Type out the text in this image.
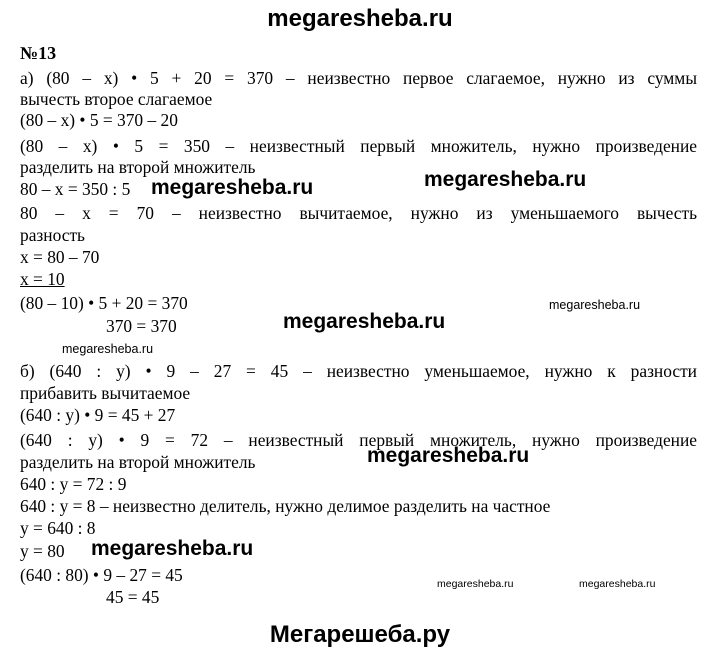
megaresheba.ru
№13
а) (80 – x) • 5 + 20 = 370 – неизвестно первое слагаемое, нужно из суммы
вычесть второе слагаемое
(80 – x) • 5 = 370 – 20
(80 – x) • 5 = 350 – неизвестный первый множитель, нужно произведение
разделить на второй множитель
80 – x = 350 : 5
80 – x = 70 – неизвестно вычитаемое, нужно из уменьшаемого вычесть
разность
x = 80 – 70
x = 10
(80 – 10) • 5 + 20 = 370
370 = 370
б) (640 : y) • 9 – 27 = 45 – неизвестно уменьшаемое, нужно к разности
прибавить вычитаемое
(640 : y) • 9 = 45 + 27
(640 : y) • 9 = 72 – неизвестный первый множитель, нужно произведение
разделить на второй множитель
640 : y = 72 : 9
640 : y = 8 – неизвестно делитель, нужно делимое разделить на частное
y = 640 : 8
y = 80
(640 : 80) • 9 – 27 = 45
45 = 45
megaresheba.ru	megaresheba.ru
megaresheba.ru
megaresheba.ru
megaresheba.ru
megaresheba.ru
megaresheba.ru
megaresheba.ru	megaresheba.ru
Мегарешеба.ру
